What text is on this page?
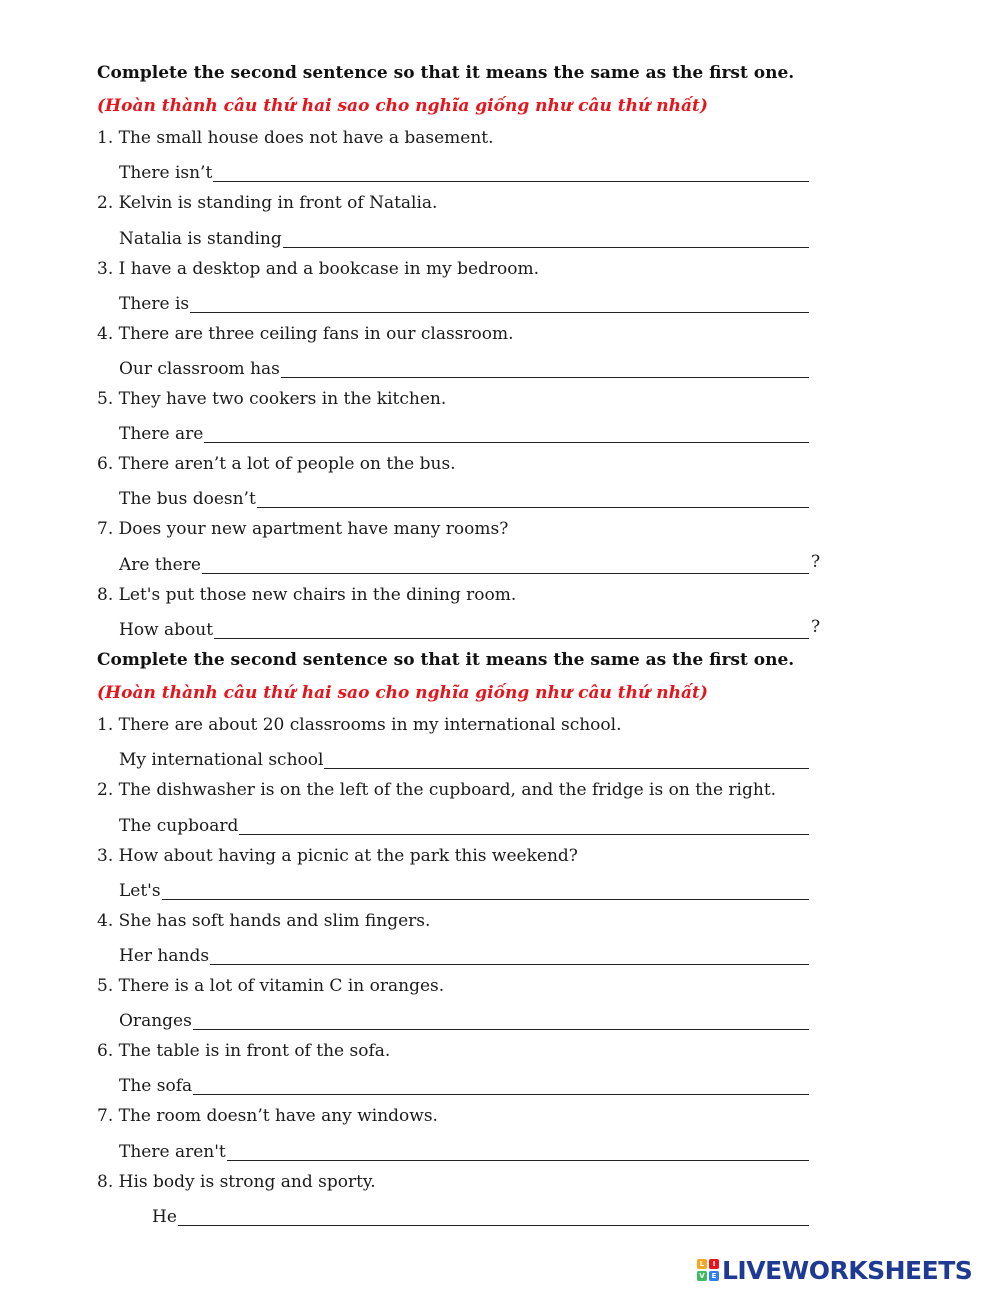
Complete the second sentence so that it means the same as the first one.
(Hoàn thành câu thứ hai sao cho nghĩa giống như câu thứ nhất)
1. The small house does not have a basement.
There isn’t
2. Kelvin is standing in front of Natalia.
Natalia is standing
3. I have a desktop and a bookcase in my bedroom.
There is
4. There are three ceiling fans in our classroom.
Our classroom has
5. They have two cookers in the kitchen.
There are
6. There aren’t a lot of people on the bus.
The bus doesn’t
7. Does your new apartment have many rooms?
Are there	?
8. Let's put those new chairs in the dining room.
How about	?
Complete the second sentence so that it means the same as the first one.
(Hoàn thành câu thứ hai sao cho nghĩa giống như câu thứ nhất)
1. There are about 20 classrooms in my international school.
My international school
2. The dishwasher is on the left of the cupboard, and the fridge is on the right.
The cupboard
3. How about having a picnic at the park this weekend?
Let's
4. She has soft hands and slim fingers.
Her hands
5. There is a lot of vitamin C in oranges.
Oranges
6. The table is in front of the sofa.
The sofa
7. The room doesn’t have any windows.
There aren't
8. His body is strong and sporty.
He
L	I
V E LIVEWORKSHEETS
